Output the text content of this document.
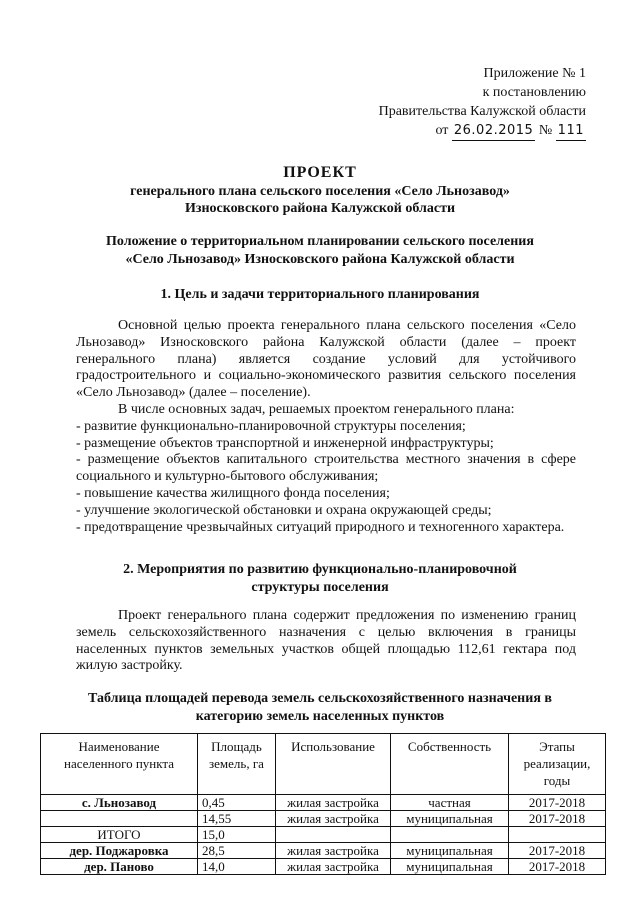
Приложение № 1
к постановлению
Правительства Калужской области
от 26.02.2015 № 111
ПРОЕКТ
генерального плана сельского поселения «Село Льнозавод»
Износковского района Калужской области
Положение о территориальном планировании сельского поселения
«Село Льнозавод» Износковского района Калужской области
1. Цель и задачи территориального планирования
Основной целью проекта генерального плана сельского поселения «Село Льнозавод» Износковского района Калужской области (далее – проект генерального плана) является создание условий для устойчивого градостроительного и социально-экономического развития сельского поселения «Село Льнозавод» (далее – поселение).
В числе основных задач, решаемых проектом генерального плана:
- развитие функционально-планировочной структуры поселения;
- размещение объектов транспортной и инженерной инфраструктуры;
- размещение объектов капитального строительства местного значения в сфере социального и культурно-бытового обслуживания;
- повышение качества жилищного фонда поселения;
- улучшение экологической обстановки и охрана окружающей среды;
- предотвращение чрезвычайных ситуаций природного и техногенного характера.
2. Мероприятия по развитию функционально-планировочной
структуры поселения
Проект генерального плана содержит предложения по изменению границ земель сельскохозяйственного назначения с целью включения в границы населенных пунктов земельных участков общей площадью 112,61 гектара под жилую застройку.
Таблица площадей перевода земель сельскохозяйственного назначения в
категорию земель населенных пунктов
Наименование населенного пункта	Площадь земель, га	Использование	Собственность	Этапы реализации, годы
с. Льнозавод	0,45	жилая застройка	частная	2017-2018
	14,55	жилая застройка	муниципальная	2017-2018
ИТОГО	15,0			
дер. Поджаровка	28,5	жилая застройка	муниципальная	2017-2018
дер. Паново	14,0	жилая застройка	муниципальная	2017-2018
